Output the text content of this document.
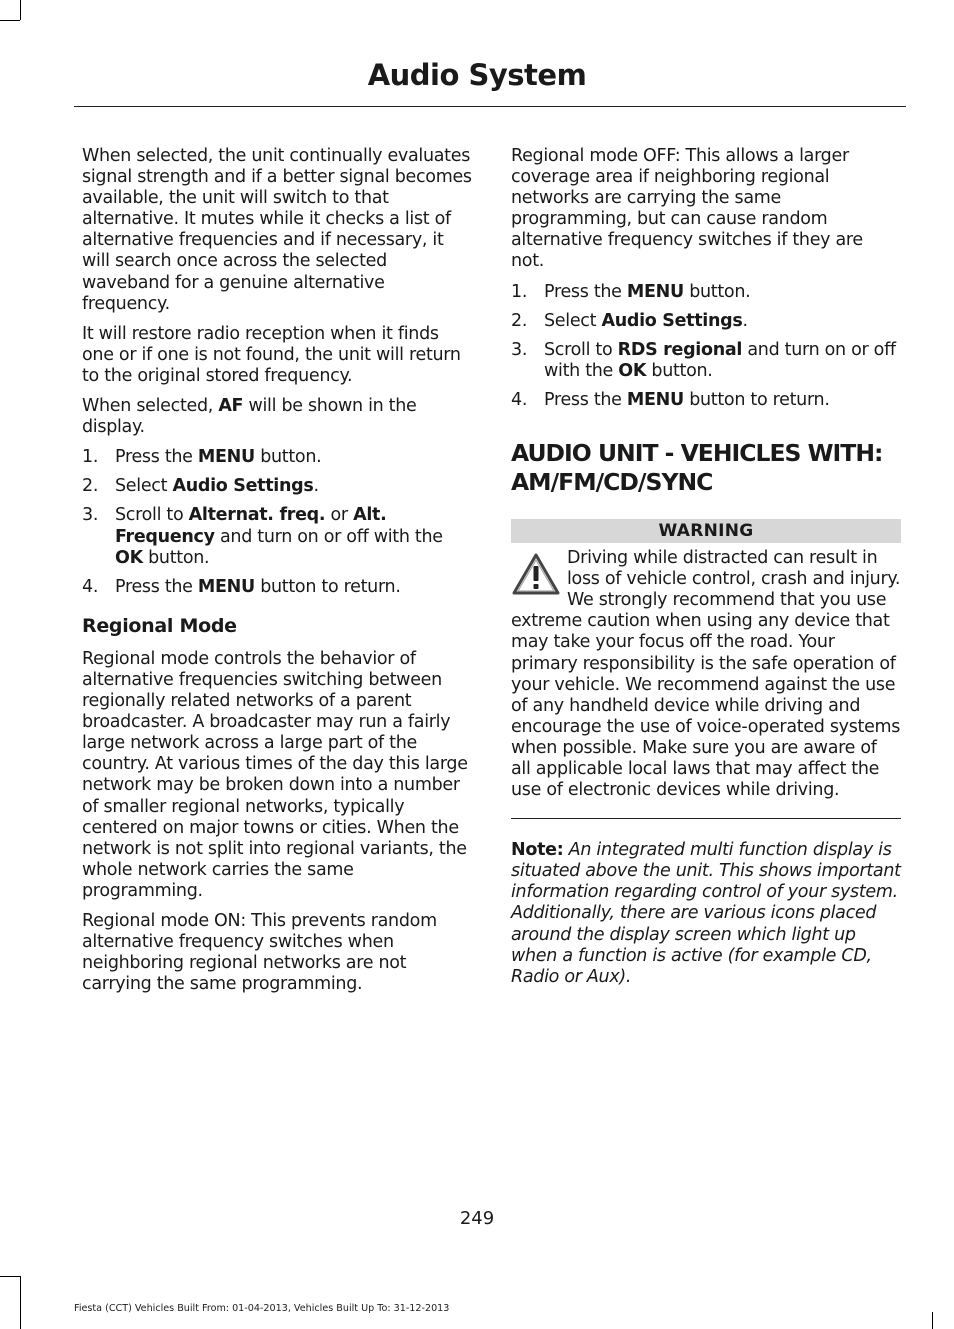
Audio System

When selected, the unit continually evaluates signal strength and if a better signal becomes available, the unit will switch to that alternative. It mutes while it checks a list of alternative frequencies and if necessary, it will search once across the selected waveband for a genuine alternative frequency.

It will restore radio reception when it finds one or if one is not found, the unit will return to the original stored frequency.

When selected, AF will be shown in the display.

1. Press the MENU button.
2. Select Audio Settings.
3. Scroll to Alternat. freq. or Alt. Frequency and turn on or off with the OK button.
4. Press the MENU button to return.
Regional Mode

Regional mode controls the behavior of alternative frequencies switching between regionally related networks of a parent broadcaster. A broadcaster may run a fairly large network across a large part of the country. At various times of the day this large network may be broken down into a number of smaller regional networks, typically centered on major towns or cities. When the network is not split into regional variants, the whole network carries the same programming.

Regional mode ON: This prevents random alternative frequency switches when neighboring regional networks are not carrying the same programming.

Regional mode OFF: This allows a larger coverage area if neighboring regional networks are carrying the same programming, but can cause random alternative frequency switches if they are not.

1. Press the MENU button.
2. Select Audio Settings.
3. Scroll to RDS regional and turn on or off with the OK button.
4. Press the MENU button to return.
AUDIO UNIT - VEHICLES WITH: AM/FM/CD/SYNC
WARNING
Driving while distracted can result in loss of vehicle control, crash and injury. We strongly recommend that you use extreme caution when using any device that may take your focus off the road. Your primary responsibility is the safe operation of your vehicle. We recommend against the use of any handheld device while driving and encourage the use of voice-operated systems when possible. Make sure you are aware of all applicable local laws that may affect the use of electronic devices while driving.

Note: An integrated multi function display is situated above the unit. This shows important information regarding control of your system. Additionally, there are various icons placed around the display screen which light up when a function is active (for example CD, Radio or Aux).

249
Fiesta (CCT) Vehicles Built From: 01-04-2013, Vehicles Built Up To: 31-12-2013
